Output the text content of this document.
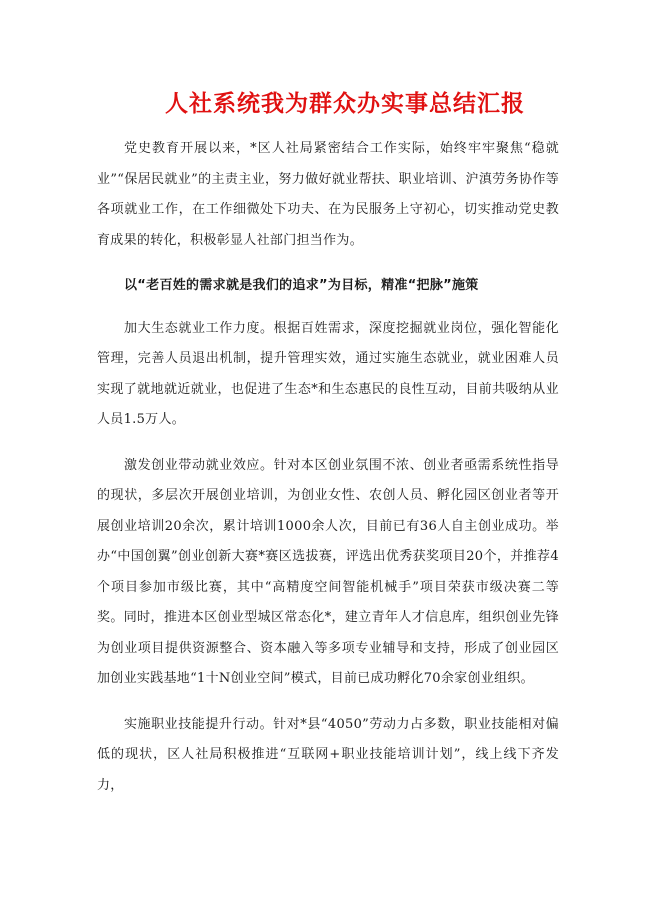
人社系统我为群众办实事总结汇报

党史教育开展以来，*区人社局紧密结合工作实际，始终牢牢聚焦“稳就业”“保居民就业”的主责主业，努力做好就业帮扶、职业培训、沪滇劳务协作等各项就业工作，在工作细微处下功夫、在为民服务上守初心，切实推动党史教育成果的转化，积极彰显人社部门担当作为。

以“老百姓的需求就是我们的追求”为目标，精准“把脉”施策

加大生态就业工作力度。根据百姓需求，深度挖掘就业岗位，强化智能化管理，完善人员退出机制，提升管理实效，通过实施生态就业，就业困难人员实现了就地就近就业，也促进了生态*和生态惠民的良性互动，目前共吸纳从业人员1.5万人。

激发创业带动就业效应。针对本区创业氛围不浓、创业者亟需系统性指导的现状，多层次开展创业培训，为创业女性、农创人员、孵化园区创业者等开展创业培训20余次，累计培训1000余人次，目前已有36人自主创业成功。举办“中国创翼”创业创新大赛*赛区选拔赛，评选出优秀获奖项目20个，并推荐4个项目参加市级比赛，其中“高精度空间智能机械手”项目荣获市级决赛二等奖。同时，推进本区创业型城区常态化*，建立青年人才信息库，组织创业先锋为创业项目提供资源整合、资本融入等多项专业辅导和支持，形成了创业园区加创业实践基地“1十N创业空间”模式，目前已成功孵化70余家创业组织。

实施职业技能提升行动。针对*县“4050”劳动力占多数，职业技能相对偏低的现状，区人社局积极推进“互联网+职业技能培训计划”，线上线下齐发力，
